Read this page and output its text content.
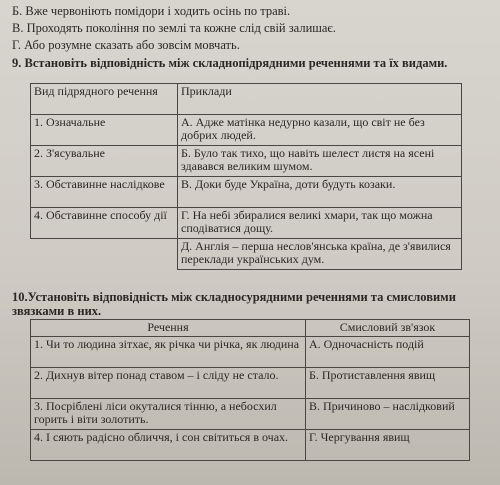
Б. Вже червоніють помідори і ходить осінь по траві.
В. Проходять покоління по землі та кожне слід свій залишає.
Г. Або розумне сказать або зовсім мовчать.
9. Встановіть відповідність між складнопідрядними реченнями та їх видами.
Вид підрядного речення	Приклади
1. Означальне	А. Адже матінка недурно казали, що світ не без добрих людей.
2. З'ясувальне	Б. Було так тихо, що навіть шелест листя на ясені здавався великим шумом.
3. Обставинне наслідкове	В. Доки буде Україна, доти будуть козаки.
4. Обставинне способу дії	Г. На небі збиралися великі хмари, так що можна сподіватися дощу.
	Д. Англія – перша нeслов'янська країна, де з'явилися переклади українських дум.
10.Установіть відповідність між складносурядними реченнями та смисловими звязками в них.
Речення	Смисловий зв'язок
1. Чи то людина зітхає, як річка чи річка, як людина	А. Одночасність подій
2. Дихнув вітер понад ставом – і сліду не стало.	Б. Протиставлення явищ
3. Посріблені ліси окуталися тінню, а небосхил горить і віти золотить.	В. Причиново – наслідковий
4. І сяють радісно обличчя, і сон світиться в очах.	Г. Чергування явищ
